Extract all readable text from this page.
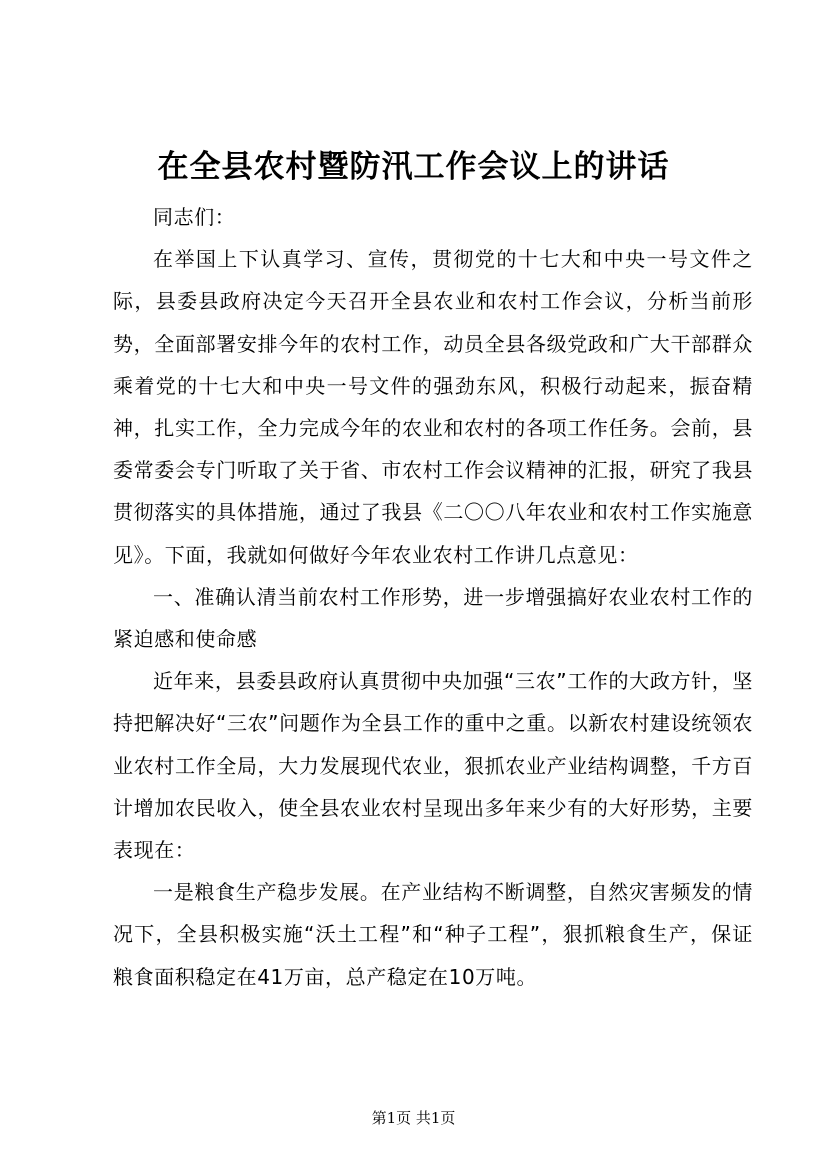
在全县农村暨防汛工作会议上的讲话

同志们：

在举国上下认真学习、宣传，贯彻党的十七大和中央一号文件之际，县委县政府决定今天召开全县农业和农村工作会议，分析当前形势，全面部署安排今年的农村工作，动员全县各级党政和广大干部群众乘着党的十七大和中央一号文件的强劲东风，积极行动起来，振奋精神，扎实工作，全力完成今年的农业和农村的各项工作任务。会前，县委常委会专门听取了关于省、市农村工作会议精神的汇报，研究了我县贯彻落实的具体措施，通过了我县《二〇〇八年农业和农村工作实施意见》。下面，我就如何做好今年农业农村工作讲几点意见：

一、准确认清当前农村工作形势，进一步增强搞好农业农村工作的紧迫感和使命感

近年来，县委县政府认真贯彻中央加强“三农”工作的大政方针，坚持把解决好“三农”问题作为全县工作的重中之重。以新农村建设统领农业农村工作全局，大力发展现代农业，狠抓农业产业结构调整，千方百计增加农民收入，使全县农业农村呈现出多年来少有的大好形势，主要表现在：

一是粮食生产稳步发展。在产业结构不断调整，自然灾害频发的情况下，全县积极实施“沃土工程”和“种子工程”，狠抓粮食生产，保证粮食面积稳定在41万亩，总产稳定在10万吨。

第1页 共1页
